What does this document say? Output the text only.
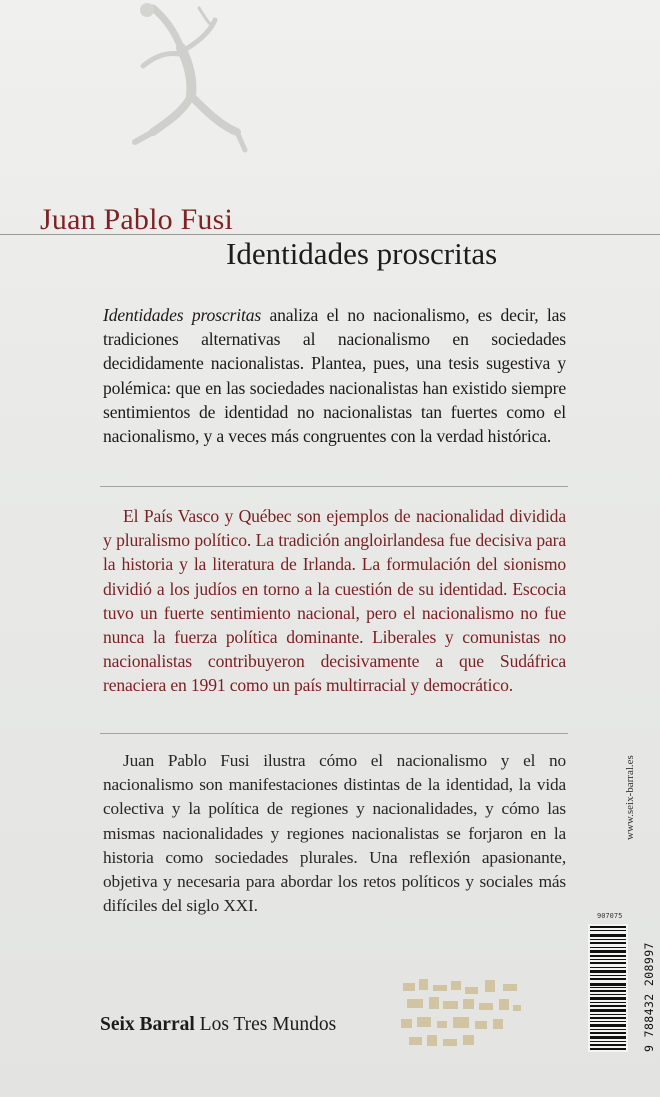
Juan Pablo Fusi
Identidades proscritas
Identidades proscritas analiza el no nacionalismo, es decir, las tradiciones alternativas al nacionalismo en sociedades decididamente nacionalistas. Plantea, pues, una tesis sugestiva y polémica: que en las sociedades nacionalistas han existido siempre sentimientos de identidad no nacionalistas tan fuertes como el nacionalismo, y a veces más congruentes con la verdad histórica.
El País Vasco y Québec son ejemplos de nacionalidad dividida y pluralismo político. La tradición angloirlandesa fue decisiva para la historia y la literatura de Irlanda. La formulación del sionismo dividió a los judíos en torno a la cuestión de su identidad. Escocia tuvo un fuerte sentimiento nacional, pero el nacionalismo no fue nunca la fuerza política dominante. Liberales y comunistas no nacionalistas contribuyeron decisivamente a que Sudáfrica renaciera en 1991 como un país multirracial y democrático.
Juan Pablo Fusi ilustra cómo el nacionalismo y el no nacionalismo son manifestaciones distintas de la identidad, la vida colectiva y la política de regiones y nacionalidades, y cómo las mismas nacionalidades y regiones nacionalistas se forjaron en la historia como sociedades plurales. Una reflexión apasionante, objetiva y necesaria para abordar los retos políticos y sociales más difíciles del siglo XXI.
Seix Barral Los Tres Mundos
www.seix-barral.es
907075
9 788432 208997
